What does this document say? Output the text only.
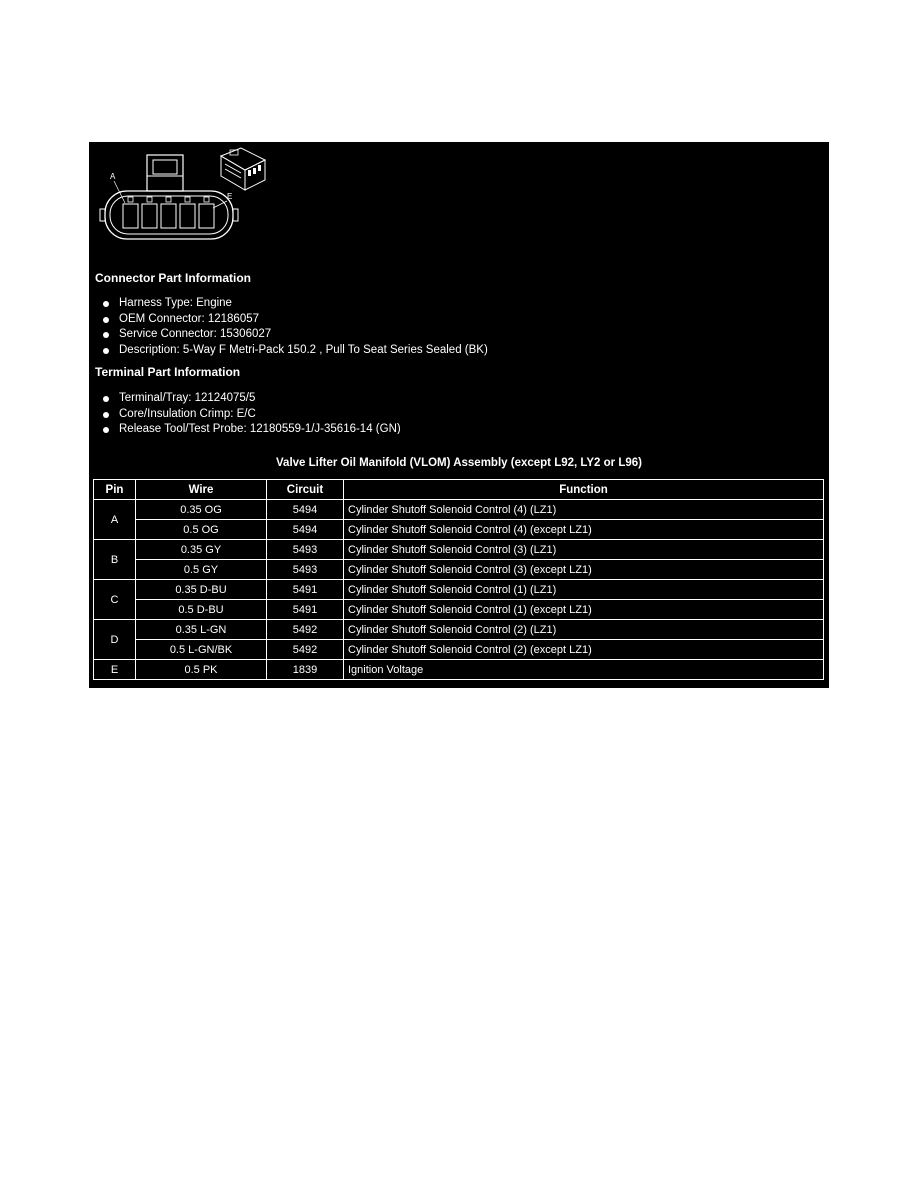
A
E
Connector Part Information
Harness Type: Engine
OEM Connector: 12186057
Service Connector: 15306027
Description: 5-Way F Metri-Pack 150.2 , Pull To Seat Series Sealed (BK)
Terminal Part Information
Terminal/Tray: 12124075/5
Core/Insulation Crimp: E/C
Release Tool/Test Probe: 12180559-1/J-35616-14 (GN)
Valve Lifter Oil Manifold (VLOM) Assembly (except L92, LY2 or L96)
Pin	Wire	Circuit	Function
A	0.35 OG	5494	Cylinder Shutoff Solenoid Control (4) (LZ1)
	0.5 OG	5494	Cylinder Shutoff Solenoid Control (4) (except LZ1)
B	0.35 GY	5493	Cylinder Shutoff Solenoid Control (3) (LZ1)
	0.5 GY	5493	Cylinder Shutoff Solenoid Control (3) (except LZ1)
C	0.35 D-BU	5491	Cylinder Shutoff Solenoid Control (1) (LZ1)
	0.5 D-BU	5491	Cylinder Shutoff Solenoid Control (1) (except LZ1)
D	0.35 L-GN	5492	Cylinder Shutoff Solenoid Control (2) (LZ1)
	0.5 L-GN/BK	5492	Cylinder Shutoff Solenoid Control (2) (except LZ1)
E	0.5 PK	1839	Ignition Voltage
